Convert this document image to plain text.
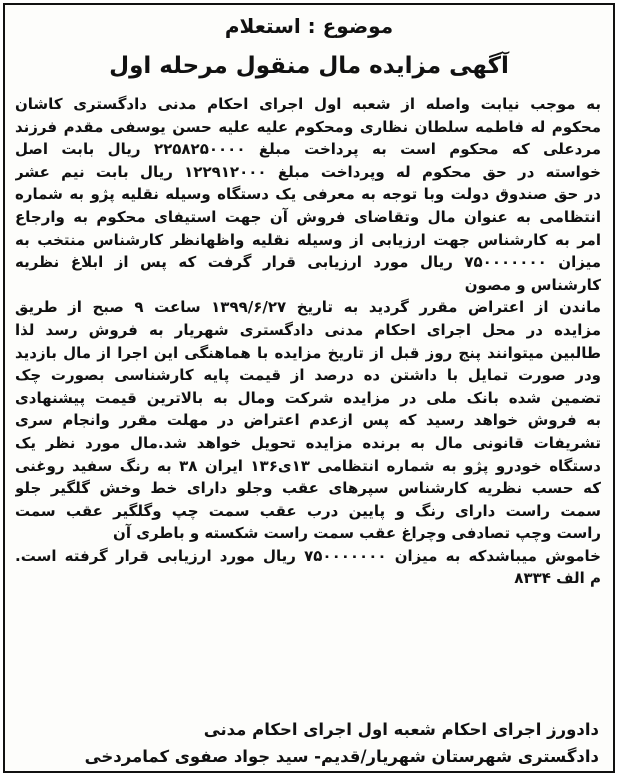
موضوع : استعلام
آگهی مزایده مال منقول مرحله اول
به موجب نیابت واصله از شعبه اول اجرای احکام مدنی دادگستری کاشان
محکوم له فاطمه سلطان نظاری ومحکوم علیه علیه حسن یوسفی مقدم فرزند
مردعلی که محکوم است به پرداخت مبلغ ۲۲۵۸۲۵۰۰۰۰ ریال بابت اصل
خواسته در حق محکوم له وپرداخت مبلغ ۱۲۲۹۱۲۰۰۰ ریال بابت نیم عشر
در حق صندوق دولت وبا توجه به معرفی یک دستگاه وسیله نقلیه پژو به شماره
انتظامی به عنوان مال وتقاضای فروش آن جهت استیفای محکوم به وارجاع
امر به کارشناس جهت ارزیابی از وسیله نقلیه واظهانظر کارشناس منتخب به
میزان ۷۵۰۰۰۰۰۰۰ ریال مورد ارزیابی قرار گرفت که پس از ابلاغ نظریه
کارشناس و مصون
ماندن از اعتراض مقرر گردید به تاریخ ۱۳۹۹/۶/۲۷ ساعت ۹ صبح از طریق
مزایده در محل اجرای احکام مدنی دادگستری شهریار به فروش رسد لذا
طالبین میتوانند پنج روز قبل از تاریخ مزایده با هماهنگی این اجرا از مال بازدید
ودر صورت تمایل با داشتن ده درصد از قیمت پایه کارشناسی بصورت چک
تضمین شده بانک ملی در مزایده شرکت ومال به بالاترین قیمت پیشنهادی
به فروش خواهد رسید که پس ازعدم اعتراض در مهلت مقرر وانجام سری
تشریفات قانونی مال به برنده مزایده تحویل خواهد شد.مال مورد نظر یک
دستگاه خودرو پژو به شماره انتظامی ۱۳ی۱۳۶ ایران ۳۸ به رنگ سفید روغنی
که حسب نظریه کارشناس سپرهای عقب وجلو دارای خط وخش گلگیر جلو
سمت راست دارای رنگ و پایین درب عقب سمت چپ وگلگیر عقب سمت
راست وچپ تصادفی وچراغ عقب سمت راست شکسته و باطری آن
خاموش میباشدکه به میزان ۷۵۰۰۰۰۰۰۰ ریال مورد ارزیابی قرار گرفته است.
م الف ۸۳۳۴
دادورز اجرای احکام شعبه اول اجرای احکام مدنی
دادگستری شهرستان شهریار/قدیم- سید جواد صفوی کمامردخی
